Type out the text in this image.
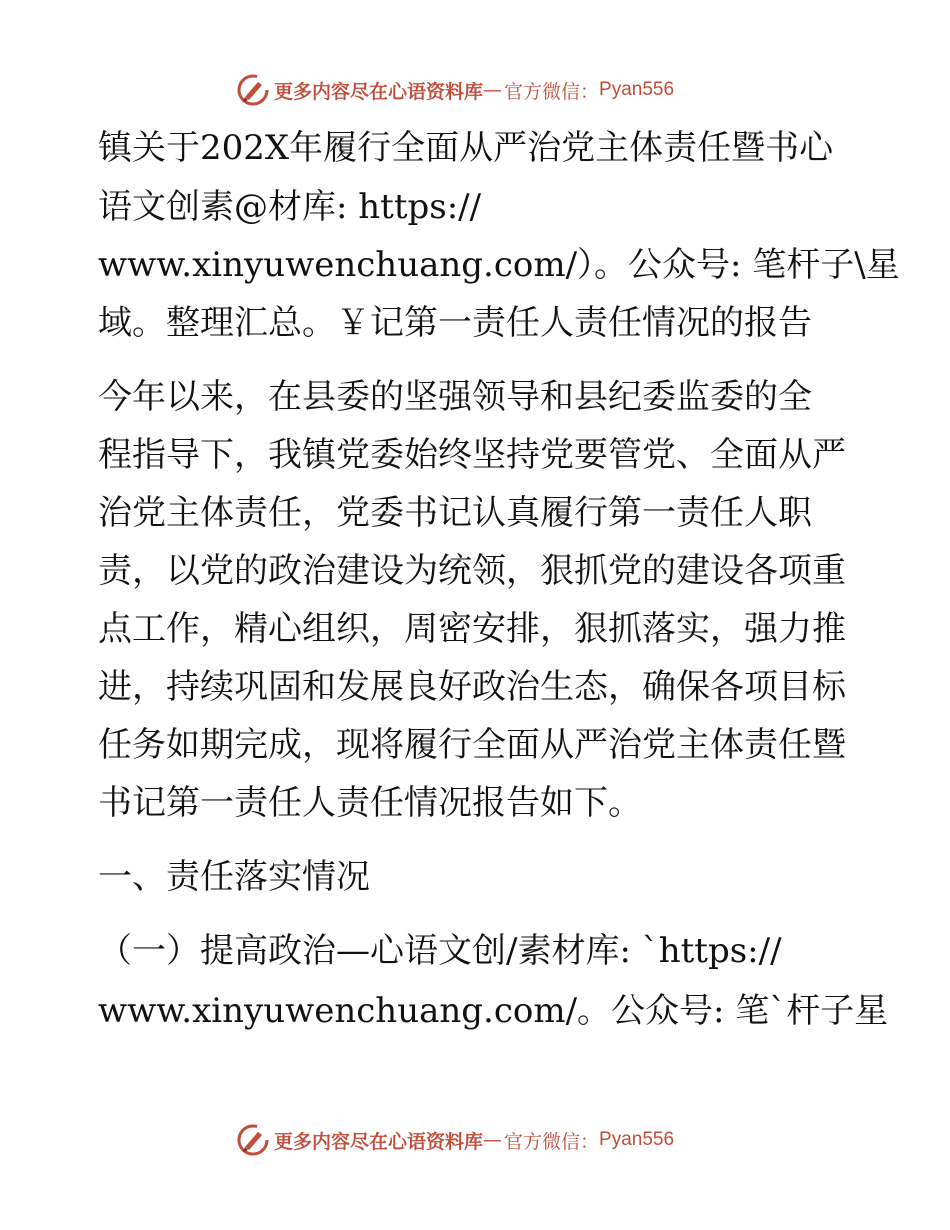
更多内容尽在心语资料库 — 官方微信： Pyan556
镇关于202X年履行全面从严治党主体责任暨书心
语文创素@材库: https://
www.xinyuwenchuang.com/）。公众号: 笔杆子\星
域。整理汇总。￥记第一责任人责任情况的报告
今年以来，在县委的坚强领导和县纪委监委的全
程指导下，我镇党委始终坚持党要管党、全面从严
治党主体责任，党委书记认真履行第一责任人职
责，以党的政治建设为统领，狠抓党的建设各项重
点工作，精心组织，周密安排，狠抓落实，强力推
进，持续巩固和发展良好政治生态，确保各项目标
任务如期完成，现将履行全面从严治党主体责任暨
书记第一责任人责任情况报告如下。
一、责任落实情况
（一）提高政治—心语文创/素材库: `https://
www.xinyuwenchuang.com/。公众号: 笔`杆子星
更多内容尽在心语资料库 — 官方微信： Pyan556
